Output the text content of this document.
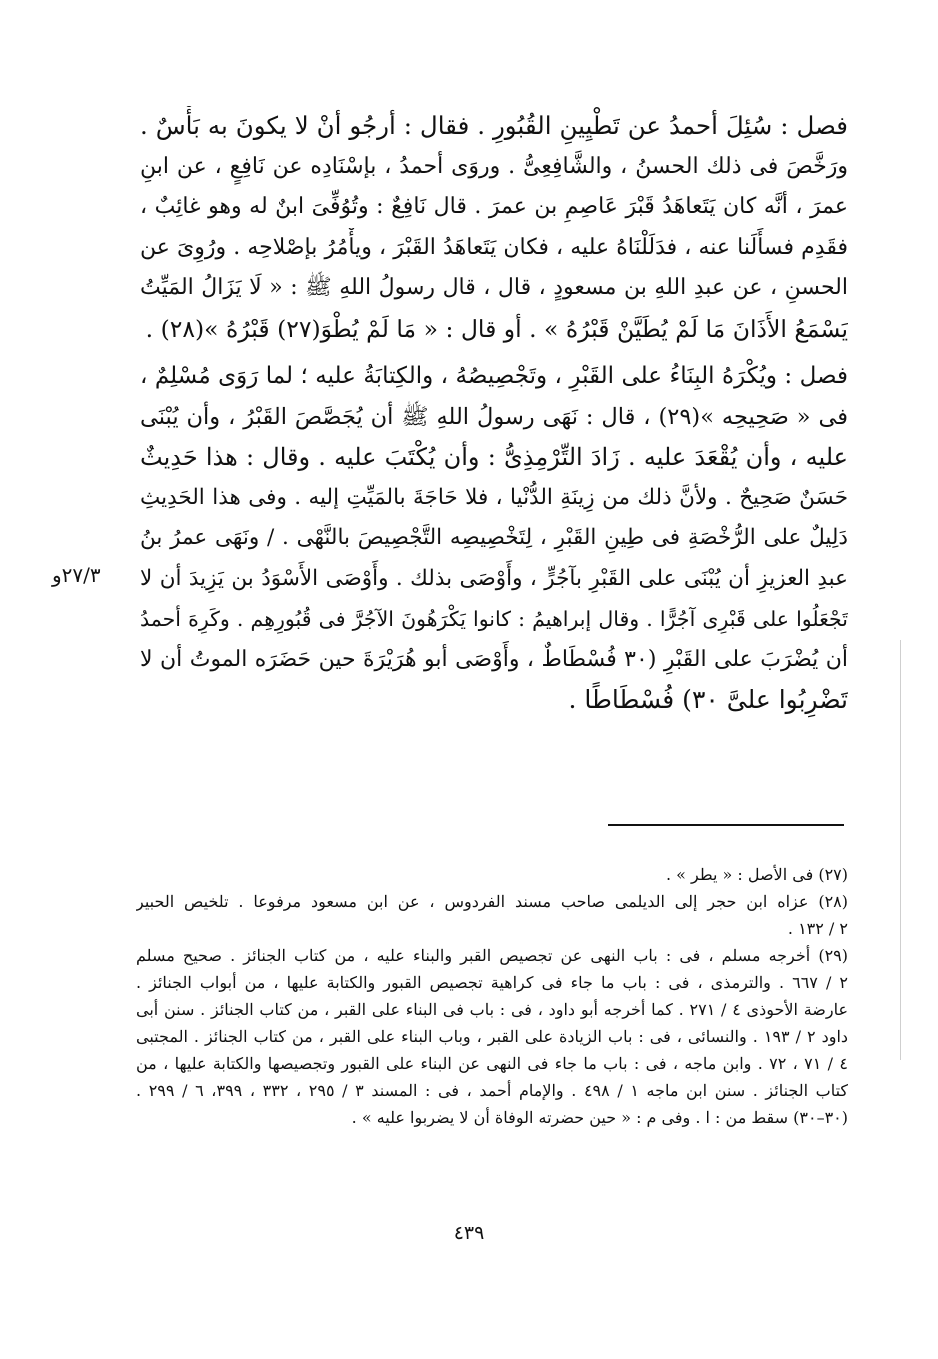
فصل : سُئِلَ أحمدُ عن تَطْيِينِ القُبُورِ . فقال : أرجُو أنْ لا يكونَ به بَأْسٌ .
ورَخَّصَ فى ذلك الحسنُ ، والشَّافِعِىُّ . وروَى أحمدُ ، بإسْنَادِه عن نَافِعٍ ، عن ابنِ
عمرَ ، أنَّه كان يَتَعاهَدُ قَبْرَ عَاصِمِ بن عمرَ . قال نَافِعٌ : وتُوُفِّىَ ابنٌ له وهو غائِبٌ ،
فقَدِم فسأَلَنا عنه ، فدَلَلْنَاهُ عليه ، فكان يَتَعاهَدُ القَبْرَ ، ويأْمُرُ بإصْلاحِه . ورُوِىَ عن
الحسنِ ، عن عبدِ اللهِ بن مسعودٍ ، قال ، قال رسولُ اللهِ ﷺ : « لَا يَزَالُ المَيِّتُ
يَسْمَعُ الأَذَانَ مَا لَمْ يُطَيَّنْ قَبْرُهُ » . أو قال : « مَا لَمْ يُطْوَ(٢٧) قَبْرُهُ »(٢٨) .
فصل : ويُكْرَهُ البِنَاءُ على القَبْرِ ، وتَجْصِيصُهُ ، والكِتابَةُ عليه ؛ لما رَوَى مُسْلِمٌ ،
فى « صَحِيحِه »(٢٩) ، قال : نَهَى رسولُ اللهِ ﷺ أن يُجَصَّصَ القَبْرُ ، وأن يُبْنَى
عليه ، وأن يُقْعَدَ عليه . زَادَ التِّرْمِذِىُّ : وأن يُكْتَبَ عليه . وقال : هذا حَدِيثٌ
حَسَنٌ صَحِيحٌ . ولأنَّ ذلك من زِينَةِ الدُّنْيا ، فلا حَاجَةَ بالمَيِّتِ إليه . وفى هذا الحَدِيثِ
دَلِيلٌ على الرُّخْصَةِ فى طِينِ القَبْرِ ، لِتَخْصِيصِه التَّجْصِيصَ بالنَّهْى . / ونَهَى عمرُ بنُ
عبدِ العزيزِ أن يُبْنَى على القَبْرِ بآجُرٍّ ، وأَوْصَى بذلك . وأَوْصَى الأَسْوَدُ بن يَزِيدَ أن لا
تَجْعَلُوا على قَبْرِى آجُرًّا . وقال إبراهيمُ : كانوا يَكْرَهُونَ الآجُرَّ فى قُبُورِهِم . وكَرِهَ أحمدُ
أن يُضْرَبَ على القَبْرِ (٣٠ فُسْطَاطٌ ، وأَوْصَى أبو هُرَيْرَةَ حين حَضَرَه الموتُ أن لا
تَضْرِبُوا علىَّ ٣٠) فُسْطَاطًا .
٢٧/٣و
(٢٧) فى الأصل : « يطر » .
(٢٨) عزاه ابن حجر إلى الديلمى صاحب مسند الفردوس ، عن ابن مسعود مرفوعا . تلخيص الحبير
٢ / ١٣٢ .
(٢٩) أخرجه مسلم ، فى : باب النهى عن تجصيص القبر والبناء عليه ، من كتاب الجنائز . صحيح مسلم
٢ / ٦٦٧ . والترمذى ، فى : باب ما جاء فى كراهية تجصيص القبور والكتابة عليها ، من أبواب الجنائز .
عارضة الأحوذى ٤ / ٢٧١ . كما أخرجه أبو داود ، فى : باب فى البناء على القبر ، من كتاب الجنائز . سنن أبى
داود ٢ / ١٩٣ . والنسائى ، فى : باب الزيادة على القبر ، وباب البناء على القبر ، من كتاب الجنائز . المجتبى
٤ / ٧١ ، ٧٢ . وابن ماجه ، فى : باب ما جاء فى النهى عن البناء على القبور وتجصيصها والكتابة عليها ، من
كتاب الجنائز . سنن ابن ماجه ١ / ٤٩٨ . والإمام أحمد ، فى : المسند ٣ / ٢٩٥ ، ٣٣٢ ، ٣٩٩، ٦ / ٢٩٩ .
(٣٠–٣٠) سقط من : ا . وفى م : « حين حضرته الوفاة أن لا يضربوا عليه » .
٤٣٩
